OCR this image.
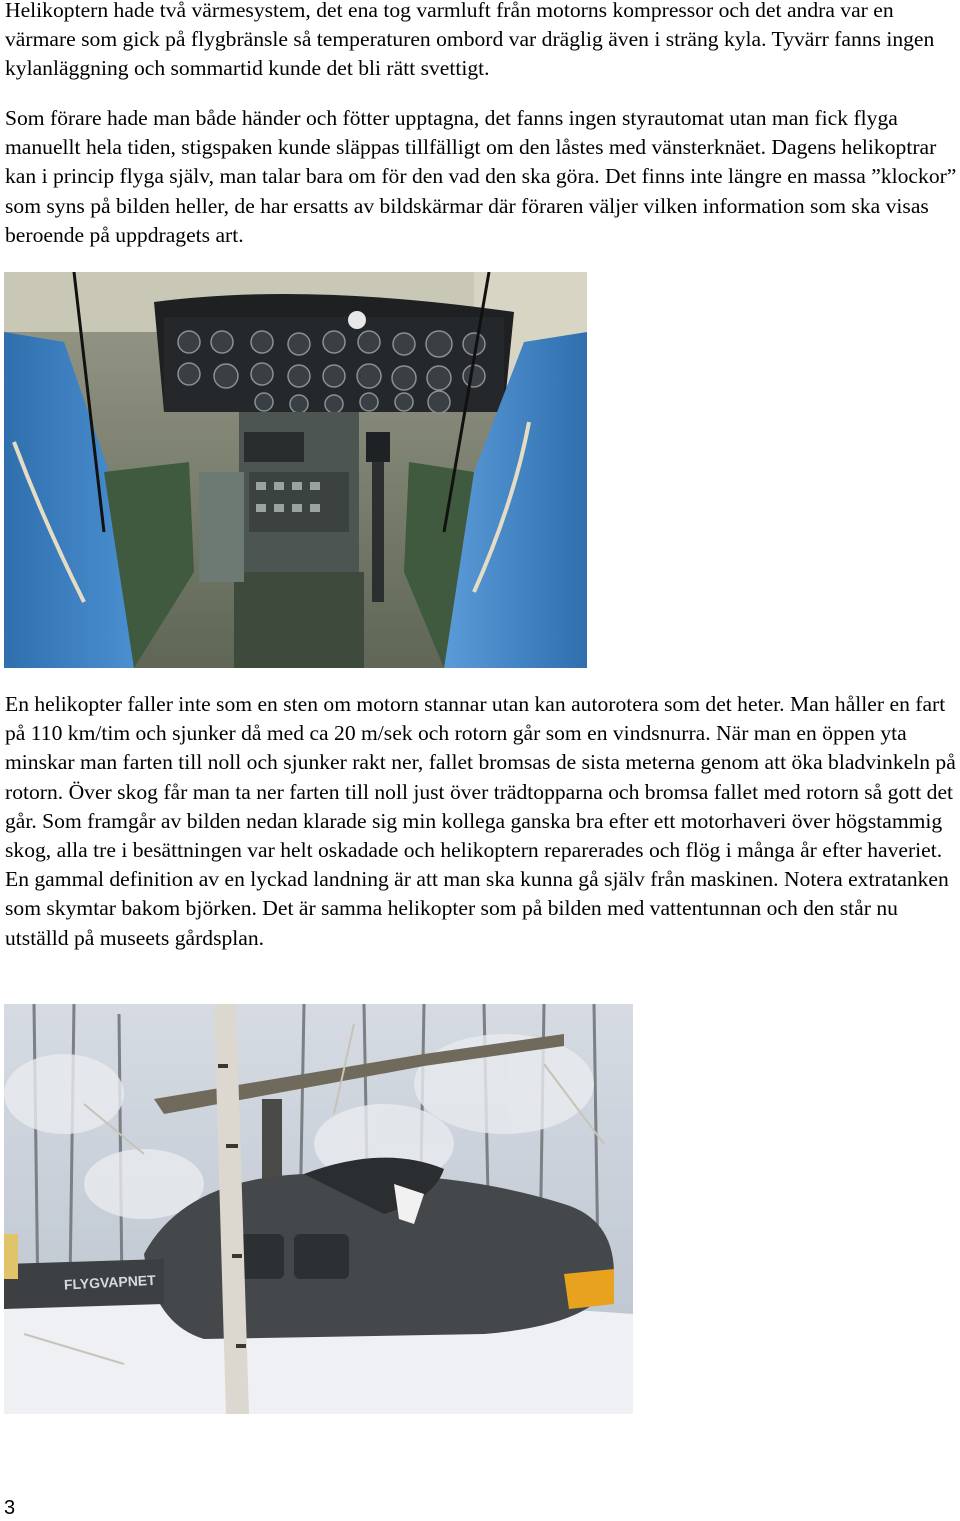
Helikoptern hade två värmesystem, det ena tog varmluft från motorns kompressor och det andra var en värmare som gick på flygbränsle så temperaturen ombord var dräglig även i sträng kyla. Tyvärr fanns ingen kylanläggning och sommartid kunde det bli rätt svettigt.

Som förare hade man både händer och fötter upptagna, det fanns ingen styrautomat utan man fick flyga manuellt hela tiden, stigspaken kunde släppas tillfälligt om den låstes med vänsterknäet. Dagens helikoptrar kan i princip flyga själv, man talar bara om för den vad den ska göra. Det finns inte längre en massa ”klockor” som syns på bilden heller, de har ersatts av bildskärmar där föraren väljer vilken information som ska visas beroende på uppdragets art.

En helikopter faller inte som en sten om motorn stannar utan kan autorotera som det heter. Man håller en fart på 110 km/tim och sjunker då med ca 20 m/sek och rotorn går som en vindsnurra. När man en öppen yta minskar man farten till noll och sjunker rakt ner, fallet bromsas de sista meterna genom att öka bladvinkeln på rotorn. Över skog får man ta ner farten till noll just över trädtopparna och bromsa fallet med rotorn så gott det går. Som framgår av bilden nedan klarade sig min kollega ganska bra efter ett motorhaveri över högstammig skog, alla tre i besättningen var helt oskadade och helikoptern reparerades och flög i många år efter haveriet. En gammal definition av en lyckad landning är att man ska kunna gå själv från maskinen. Notera extratanken som skymtar bakom björken. Det är samma helikopter som på bilden med vattentunnan och den står nu utställd på museets gårdsplan.

FLYGVAPNET
3
